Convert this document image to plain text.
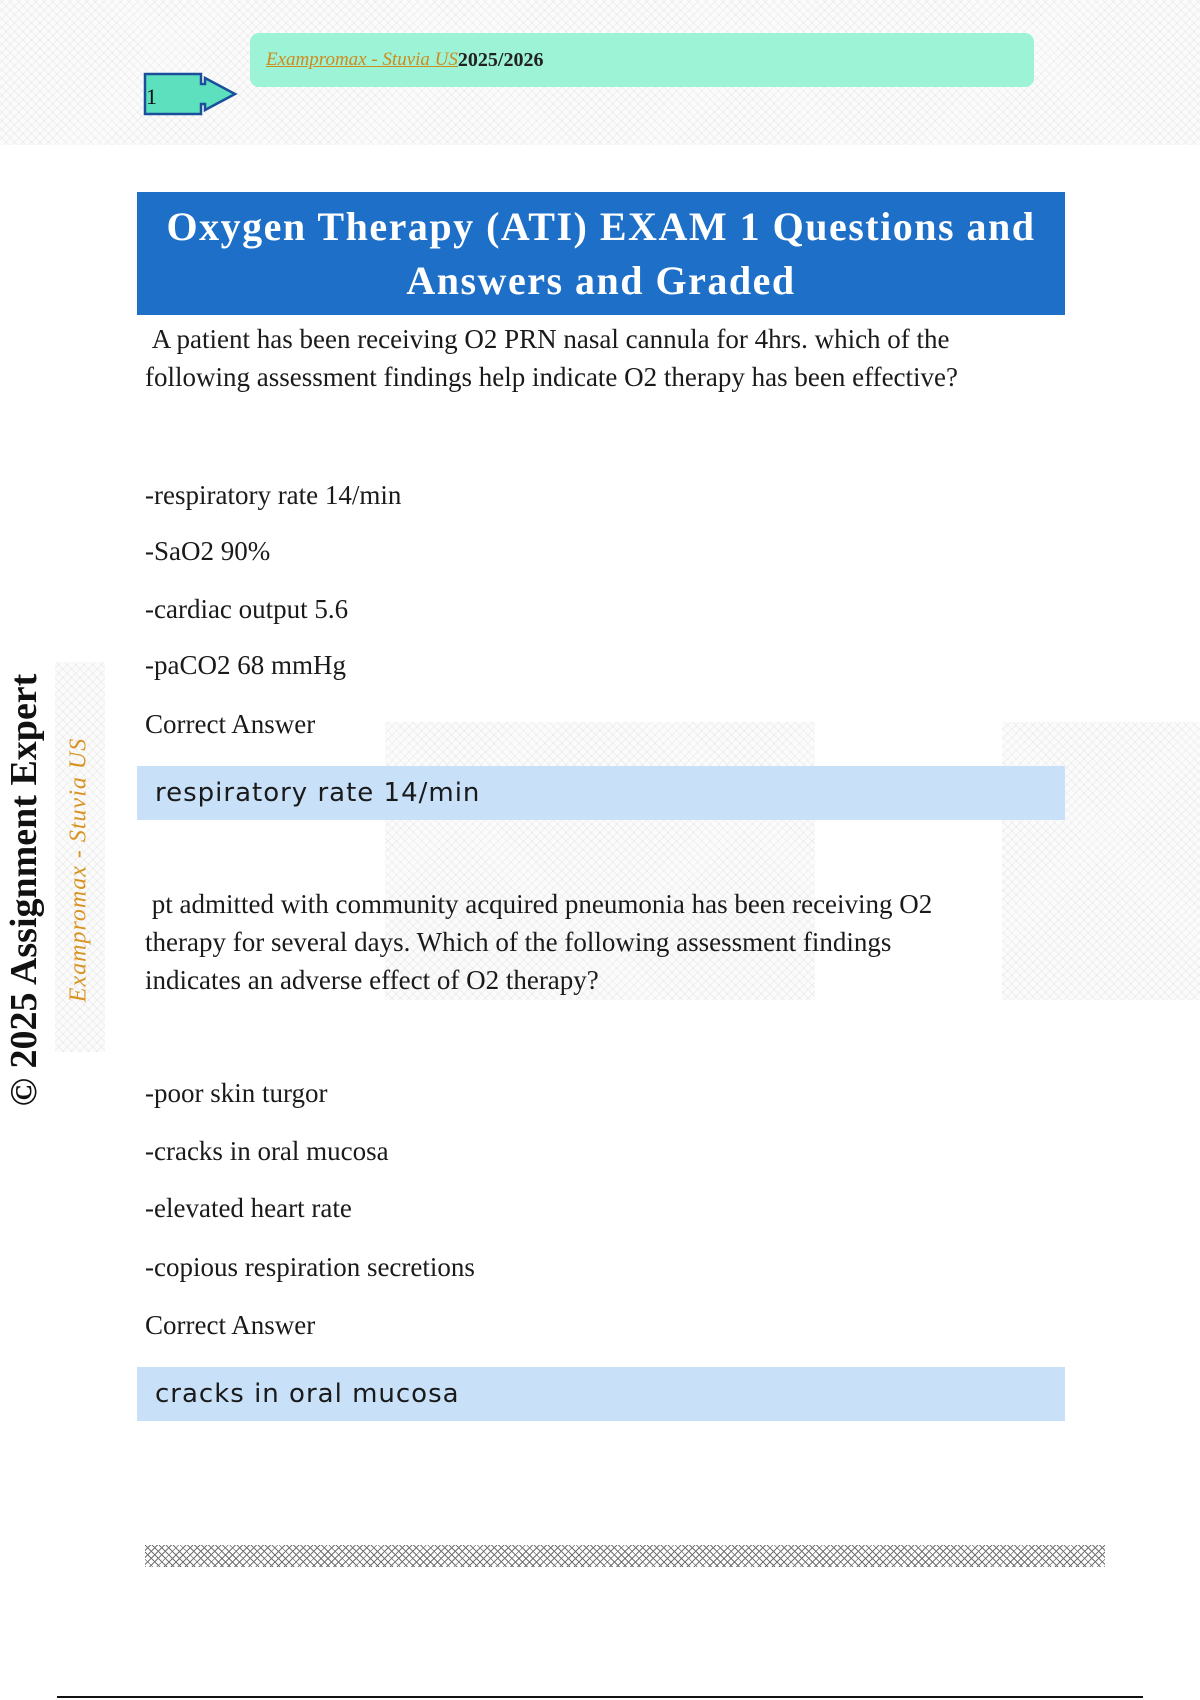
Exampromax - Stuvia US 2025/2026
1
© 2025 Assignment Expert Exampromax - Stuvia US
Oxygen Therapy (ATI) EXAM 1 Questions and Answers and Graded

A patient has been receiving O2 PRN nasal cannula for 4hrs. which of the
following assessment findings help indicate O2 therapy has been effective?

-respiratory rate 14/min
-SaO2 90%
-cardiac output 5.6
-paCO2 68 mmHg
Correct Answer
respiratory rate 14/min

pt admitted with community acquired pneumonia has been receiving O2
therapy for several days. Which of the following assessment findings
indicates an adverse effect of O2 therapy?

-poor skin turgor
-cracks in oral mucosa
-elevated heart rate
-copious respiration secretions
Correct Answer
cracks in oral mucosa
